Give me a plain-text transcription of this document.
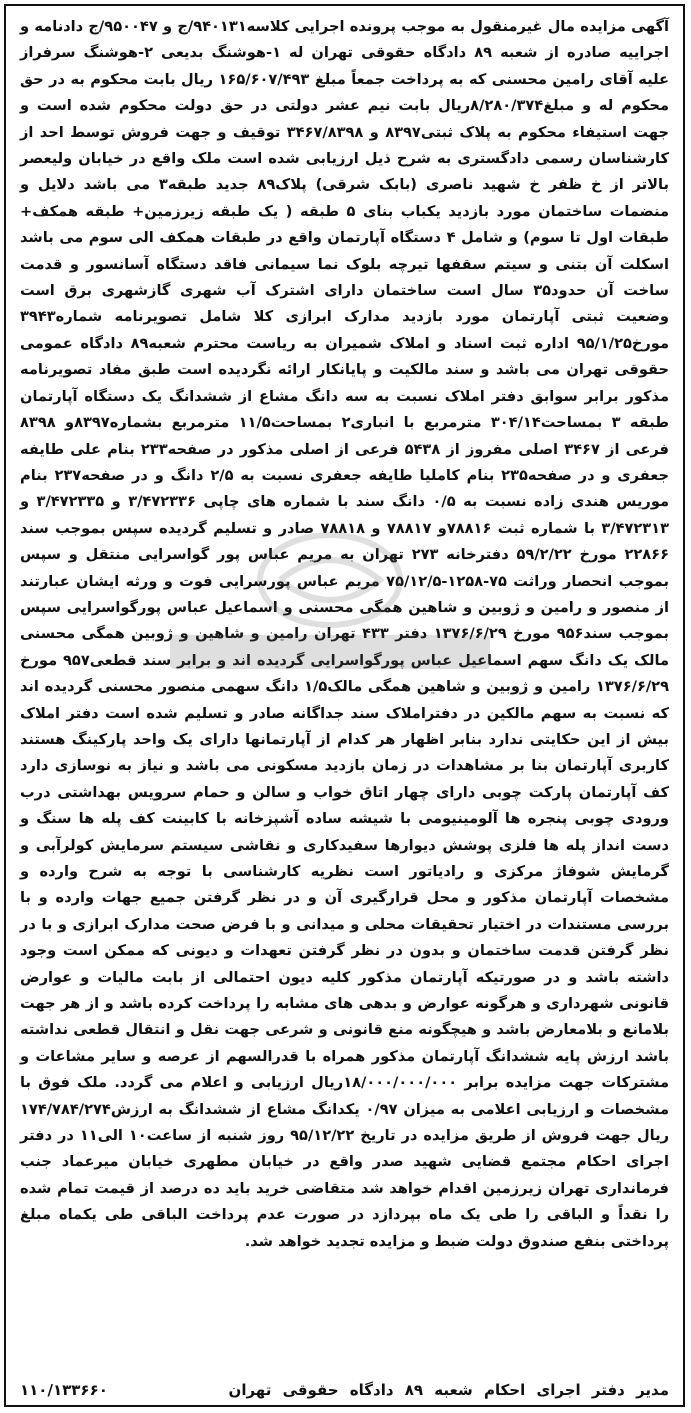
آگهی مزایده مال غیرمنقول به موجب پرونده اجرایی کلاسه۹۴۰۱۳۱/ج و ۹۵۰۰۴۷/ج دادنامه و اجراییه صادره از شعبه ۸۹ دادگاه حقوقی تهران له ۱-هوشنگ بدیعی ۲-هوشنگ سرفراز علیه آقای رامین محسنی که به پرداخت جمعاً مبلغ ۱۶۵/۶۰۷/۴۹۳ ریال بابت محکوم به در حق محکوم له و مبلغ۸/۲۸۰/۳۷۴ریال بابت نیم عشر دولتی در حق دولت محکوم شده است و جهت استیفاء محکوم به پلاک ثبتی۸۳۹۷ و ۳۴۶۷/۸۳۹۸ توقیف و جهت فروش توسط احد از کارشناسان رسمی دادگستری به شرح ذیل ارزیابی شده است ملک واقع در خیابان ولیعصر بالاتر از خ ظفر خ شهید ناصری (بابک شرقی) پلاک۸۹ جدید طبقه۳ می باشد دلایل و منضمات ساختمان مورد بازدید یکباب بنای ۵ طبقه ( یک طبقه زیرزمین+ طبقه همکف+ طبقات اول تا سوم) و شامل ۴ دستگاه آپارتمان واقع در طبقات همکف الی سوم می باشد اسکلت آن بتنی و سیتم سقفها تیرچه بلوک نما سیمانی فاقد دستگاه آسانسور و قدمت ساخت آن حدود۳۵ سال است ساختمان دارای اشترک آب شهری گازشهری برق است وضعیت ثبتی آپارتمان مورد بازدید مدارک ابرازی کلا شامل تصویرنامه شماره۳۹۴۳ مورخ۹۵/۱/۲۵ اداره ثبت اسناد و املاک شمیران به ریاست محترم شعبه۸۹ دادگاه عمومی حقوقی تهران می باشد و سند مالکیت و پایانکار ارائه نگردیده است طبق مفاد تصویرنامه مذکور برابر سوابق دفتر املاک نسبت به سه دانگ مشاع از ششدانگ یک دستگاه آپارتمان طبقه ۳ بمساحت۳۰۴/۱۴ مترمربع با انباری۲ بمساحت۱۱/۵ مترمربع بشماره۸۳۹۷و ۸۳۹۸ فرعی از ۳۴۶۷ اصلی مفروز از ۵۴۳۸ فرعی از اصلی مذکور در صفحه۲۳۳ بنام علی طایفه جعفری و در صفحه۲۳۵ بنام کاملیا طایفه جعفری نسبت به ۲/۵ دانگ و در صفحه۲۳۷ بنام موریس هندی زاده نسبت به ۰/۵ دانگ سند با شماره های چاپی ۳/۴۷۲۳۳۶ و ۳/۴۷۲۳۳۵ و ۳/۴۷۲۳۱۳ با شماره ثبت ۷۸۸۱۶و ۷۸۸۱۷ و ۷۸۸۱۸ صادر و تسلیم گردیده سپس بموجب سند ۲۲۸۶۶ مورخ ۵۹/۲/۲۲ دفترخانه ۲۷۳ تهران به مریم عباس پور گواسرایی منتقل و سپس بموجب انحصار وراثت ۷۵-۱۲۵۸-۷۵/۱۲/۵ مریم عباس پورسرایی فوت و ورثه ایشان عبارتند از منصور و رامین و ژوبین و شاهین همگی محسنی و اسماعیل عباس پورگواسرایی سپس بموجب سند۹۵۶ مورخ ۱۳۷۶/۶/۲۹ دفتر ۴۳۳ تهران رامین و شاهین و ژوبین همگی محسنی مالک یک دانگ سهم اسماعیل عباس پورگواسرایی گردیده اند و برابر سند قطعی۹۵۷ مورخ ۱۳۷۶/۶/۲۹ رامین و ژوبین و شاهین همگی مالک۱/۵ دانگ سهمی منصور محسنی گردیده اند که نسبت به سهم مالکین در دفتراملاک سند جداگانه صادر و تسلیم شده است دفتر املاک بیش از این حکایتی ندارد بنابر اظهار هر کدام از آپارتمانها دارای یک واحد پارکینگ هستند کاربری آپارتمان بنا بر مشاهدات در زمان بازدید مسکونی می باشد و نیاز به نوسازی دارد کف آپارتمان پارکت چوبی دارای چهار اتاق خواب و سالن و حمام سرویس بهداشتی درب ورودی چوبی پنجره ها آلومینیومی با شیشه ساده آشپزخانه با کابینت کف پله ها سنگ و دست انداز پله ها فلزی پوشش دیوارها سفیدکاری و نقاشی سیستم سرمایش کولرآبی و گرمایش شوفاژ مرکزی و رادیاتور است نظریه کارشناسی با توجه به شرح وارده و مشخصات آپارتمان مذکور و محل قرارگیری آن و در نظر گرفتن جمیع جهات وارده و با بررسی مستندات در اختیار تحقیقات محلی و میدانی و با فرض صحت مدارک ابرازی و با در نظر گرفتن قدمت ساختمان و بدون در نظر گرفتن تعهدات و دیونی که ممکن است وجود داشته باشد و در صورتیکه آپارتمان مذکور کلیه دیون احتمالی از بابت مالیات و عوارض قانونی شهرداری و هرگونه عوارض و بدهی های مشابه را پرداخت کرده باشد و از هر جهت بلامانع و بلامعارض باشد و هیچگونه منع قانونی و شرعی جهت نقل و انتقال قطعی نداشته باشد ارزش پایه ششدانگ آپارتمان مذکور همراه با قدرالسهم از عرصه و سایر مشاعات و مشترکات جهت مزایده برابر ۱۸/۰۰۰/۰۰۰/۰۰۰ریال ارزیابی و اعلام می گردد. ملک فوق با مشخصات و ارزیابی اعلامی به میزان ۰/۹۷ یکدانگ مشاع از ششدانگ به ارزش۱۷۴/۷۸۴/۲۷۴ ریال جهت فروش از طریق مزایده در تاریخ ۹۵/۱۲/۲۲ روز شنبه از ساعت۱۰ الی۱۱ در دفتر اجرای احکام مجتمع قضایی شهید صدر واقع در خیابان مطهری خیابان میرعماد جنب فرمانداری تهران زیرزمین اقدام خواهد شد متقاضی خرید باید ده درصد از قیمت تمام شده را نقداً و الباقی را طی یک ماه بپردازد در صورت عدم پرداخت الباقی طی یکماه مبلغ پرداختی بنفع صندوق دولت ضبط و مزایده تجدید خواهد شد.

۱۱۰/۱۳۳۶۶۰	مدیر دفتر اجرای احکام شعبه ۸۹ دادگاه حقوقی تهران
